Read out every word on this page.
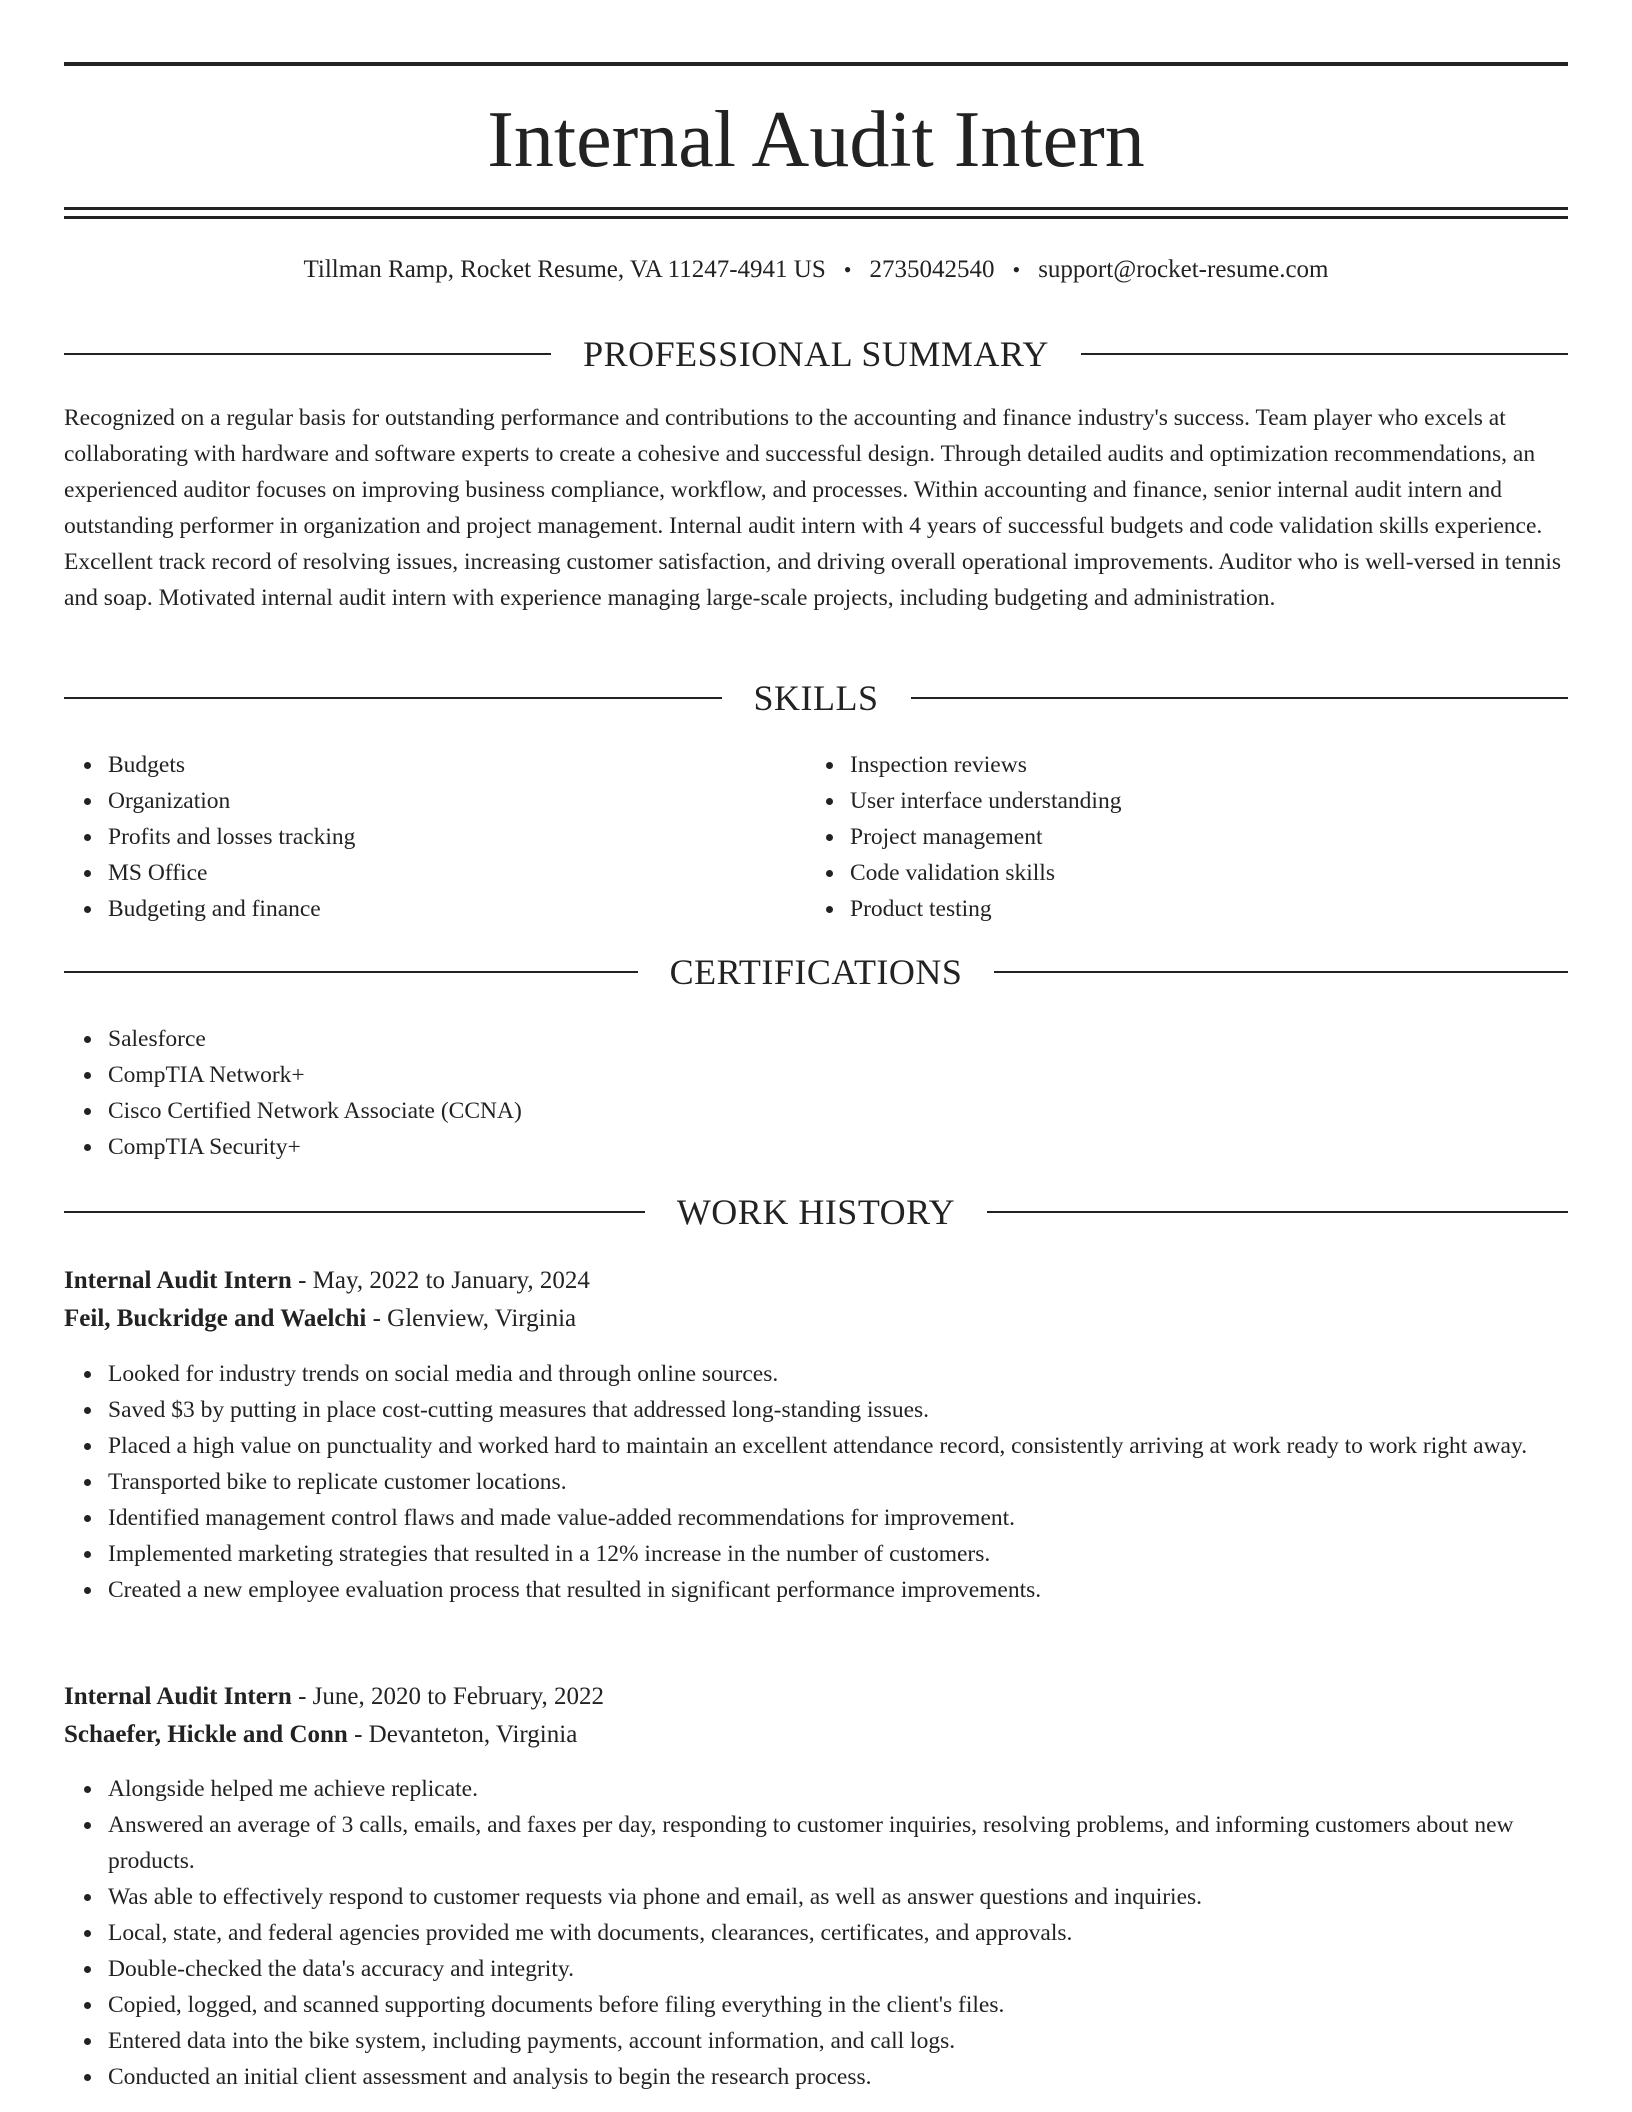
Internal Audit Intern
Tillman Ramp, Rocket Resume, VA 11247-4941 US • 2735042540 • support@rocket-resume.com
PROFESSIONAL SUMMARY

Recognized on a regular basis for outstanding performance and contributions to the accounting and finance industry's success. Team player who excels at collaborating with hardware and software experts to create a cohesive and successful design. Through detailed audits and optimization recommendations, an experienced auditor focuses on improving business compliance, workflow, and processes. Within accounting and finance, senior internal audit intern and outstanding performer in organization and project management. Internal audit intern with 4 years of successful budgets and code validation skills experience. Excellent track record of resolving issues, increasing customer satisfaction, and driving overall operational improvements. Auditor who is well-versed in tennis and soap. Motivated internal audit intern with experience managing large-scale projects, including budgeting and administration.

SKILLS
Budgets
Organization
Profits and losses tracking
MS Office
Budgeting and finance
Inspection reviews
User interface understanding
Project management
Code validation skills
Product testing
CERTIFICATIONS
Salesforce
CompTIA Network+
Cisco Certified Network Associate (CCNA)
CompTIA Security+
WORK HISTORY
Internal Audit Intern - May, 2022 to January, 2024
Feil, Buckridge and Waelchi - Glenview, Virginia
Looked for industry trends on social media and through online sources.
Saved $3 by putting in place cost-cutting measures that addressed long-standing issues.
Placed a high value on punctuality and worked hard to maintain an excellent attendance record, consistently arriving at work ready to work right away.
Transported bike to replicate customer locations.
Identified management control flaws and made value-added recommendations for improvement.
Implemented marketing strategies that resulted in a 12% increase in the number of customers.
Created a new employee evaluation process that resulted in significant performance improvements.
Internal Audit Intern - June, 2020 to February, 2022
Schaefer, Hickle and Conn - Devanteton, Virginia
Alongside helped me achieve replicate.
Answered an average of 3 calls, emails, and faxes per day, responding to customer inquiries, resolving problems, and informing customers about new products.
Was able to effectively respond to customer requests via phone and email, as well as answer questions and inquiries.
Local, state, and federal agencies provided me with documents, clearances, certificates, and approvals.
Double-checked the data's accuracy and integrity.
Copied, logged, and scanned supporting documents before filing everything in the client's files.
Entered data into the bike system, including payments, account information, and call logs.
Conducted an initial client assessment and analysis to begin the research process.
